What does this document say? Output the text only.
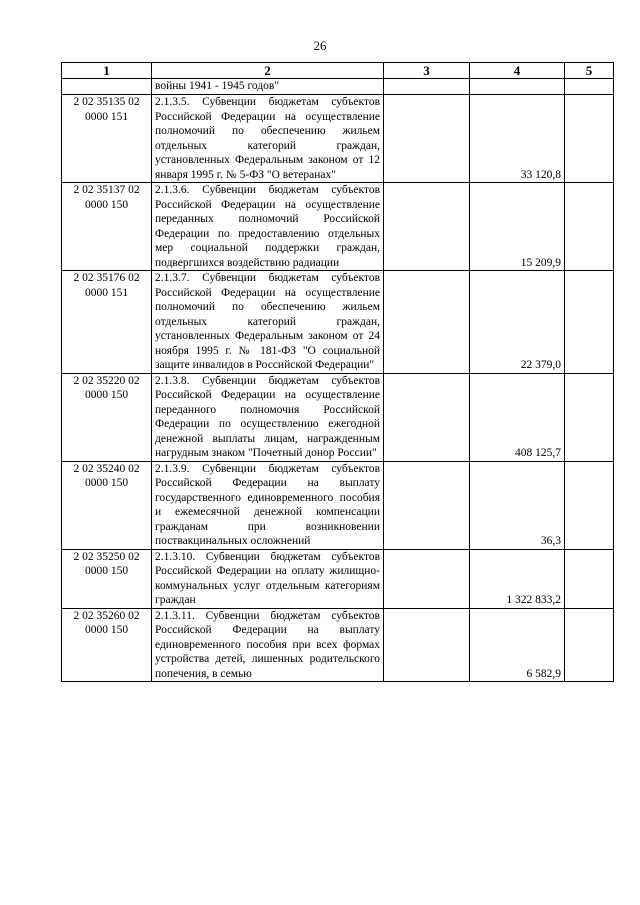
26
1	2	3	4	5
	войны 1941 - 1945 годов"			
2 02 35135 02
0000 151	2.1.3.5. Субвенции бюджетам субъектов Российской Федерации на осуществление полномочий по обеспечению жильем отдельных категорий граждан, установленных Федеральным законом от 12 января 1995 г. № 5-ФЗ "О ветеранах"		33 120,8	
2 02 35137 02
0000 150	2.1.3.6. Субвенции бюджетам субъектов Российской Федерации на осуществление переданных полномочий Российской Федерации по предоставлению отдельных мер социальной поддержки граждан, подвергшихся воздействию радиации		15 209,9	
2 02 35176 02
0000 151	2.1.3.7. Субвенции бюджетам субъектов Российской Федерации на осуществление полномочий по обеспечению жильем отдельных категорий граждан, установленных Федеральным законом от 24 ноября 1995 г. № 181-ФЗ "О социальной защите инвалидов в Российской Федерации"		22 379,0	
2 02 35220 02
0000 150	2.1.3.8. Субвенции бюджетам субъектов Российской Федерации на осуществление переданного полномочия Российской Федерации по осуществлению ежегодной денежной выплаты лицам, награжденным нагрудным знаком "Почетный донор России"		408 125,7	
2 02 35240 02
0000 150	2.1.3.9. Субвенции бюджетам субъектов Российской Федерации на выплату государственного единовременного пособия и ежемесячной денежной компенсации гражданам при возникновении поствакцинальных осложнений		36,3	
2 02 35250 02
0000 150	2.1.3.10. Субвенции бюджетам субъектов Российской Федерации на оплату жилищно-коммунальных услуг отдельным категориям граждан		1 322 833,2	
2 02 35260 02
0000 150	2.1.3.11. Субвенции бюджетам субъектов Российской Федерации на выплату единовременного пособия при всех формах устройства детей, лишенных родительского попечения, в семью		6 582,9	
